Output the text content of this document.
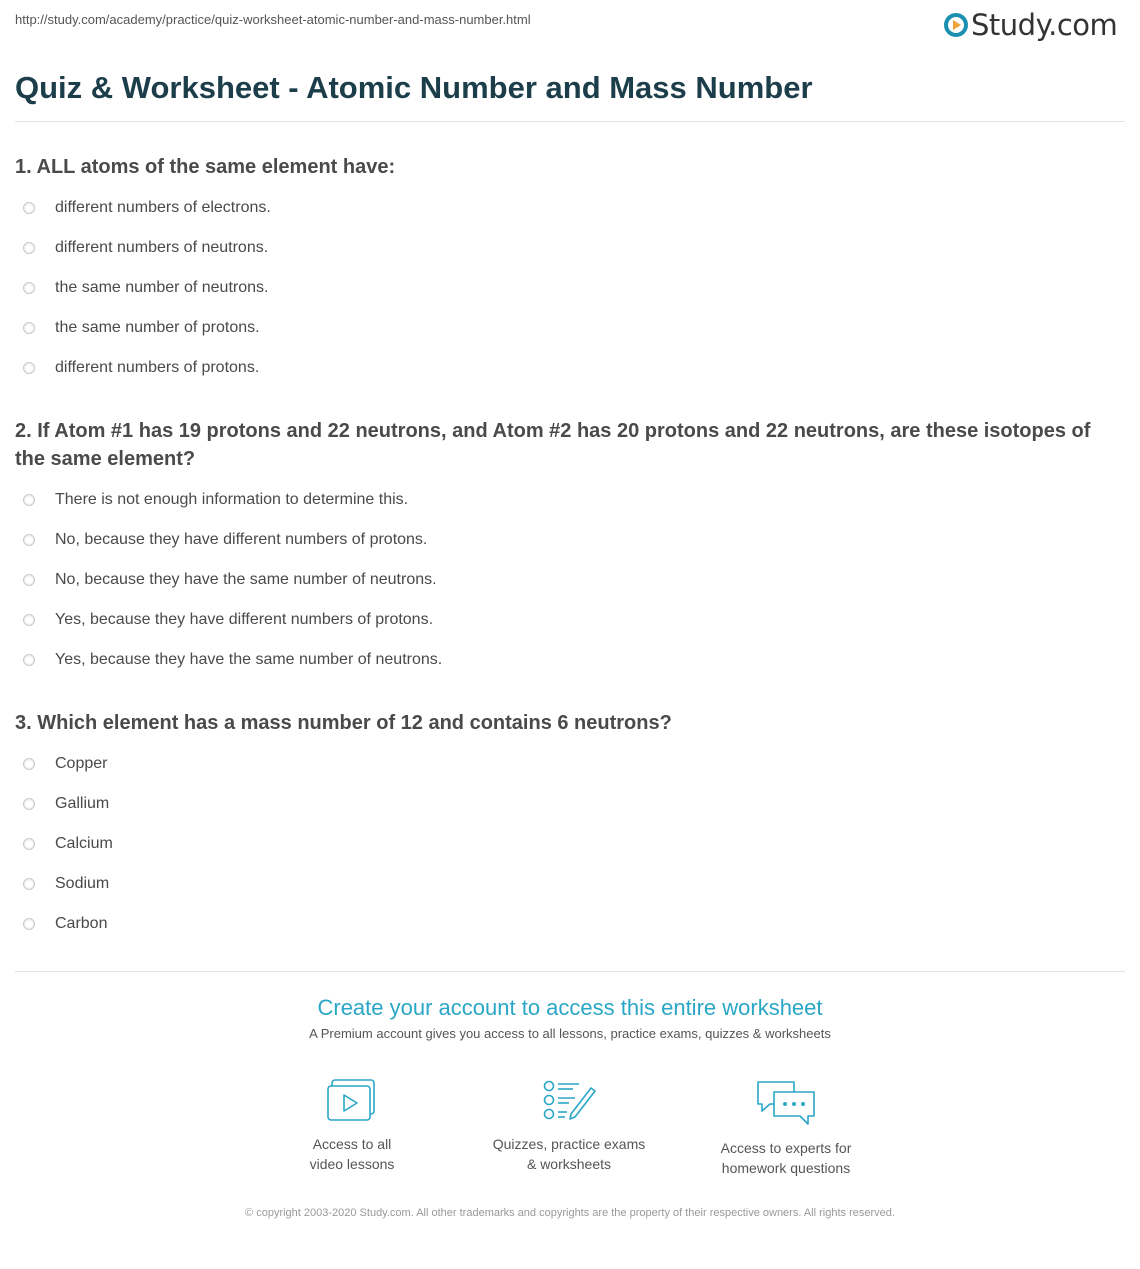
http://study.com/academy/practice/quiz-worksheet-atomic-number-and-mass-number.html	Study.com
Quiz & Worksheet - Atomic Number and Mass Number
1. ALL atoms of the same element have:
different numbers of electrons.
different numbers of neutrons.
the same number of neutrons.
the same number of protons.
different numbers of protons.
2. If Atom #1 has 19 protons and 22 neutrons, and Atom #2 has 20 protons and 22 neutrons, are these isotopes of the same element?
There is not enough information to determine this.
No, because they have different numbers of protons.
No, because they have the same number of neutrons.
Yes, because they have different numbers of protons.
Yes, because they have the same number of neutrons.
3. Which element has a mass number of 12 and contains 6 neutrons?
Copper
Gallium
Calcium
Sodium
Carbon
Create your account to access this entire worksheet
A Premium account gives you access to all lessons, practice exams, quizzes & worksheets
Access to all
video lessons
Quizzes, practice exams
& worksheets
Access to experts for
homework questions
© copyright 2003-2020 Study.com. All other trademarks and copyrights are the property of their respective owners. All rights reserved.
